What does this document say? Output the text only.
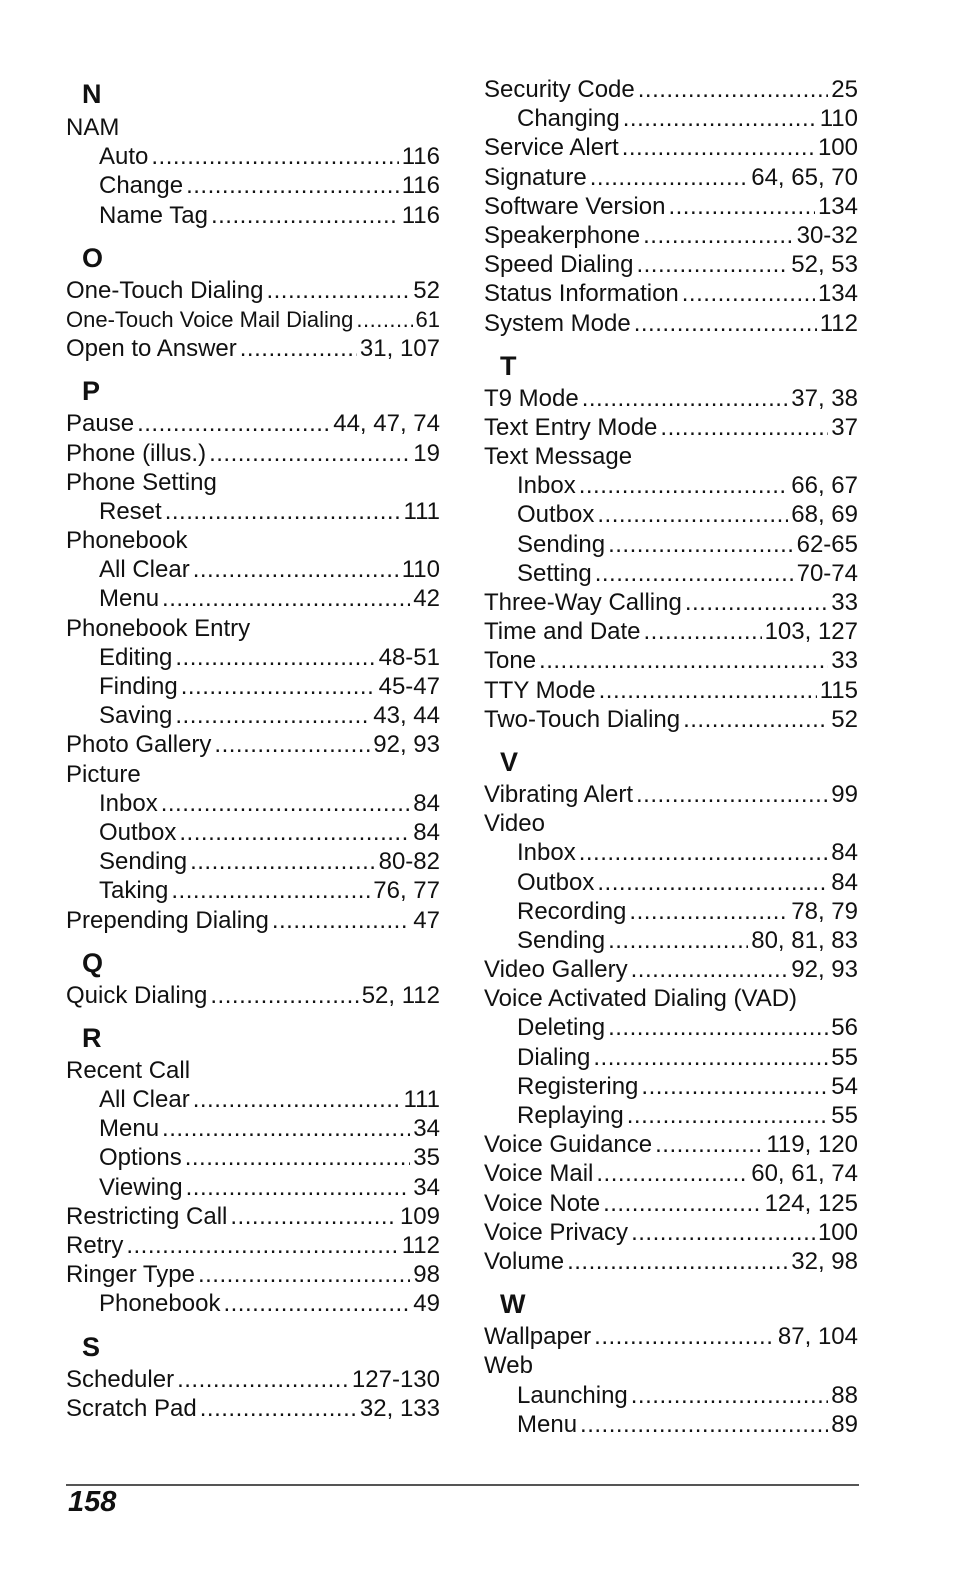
N
NAM
Auto .....	116
Change .....	116
Name Tag .....	116
O
One-Touch Dialing .....	52
One-Touch Voice Mail Dialing .....	61
Open to Answer .....	31, 107
P
Pause .....	44, 47, 74
Phone (illus.) .....	19
Phone Setting
Reset .....	111
Phonebook
All Clear .....	110
Menu .....	42
Phonebook Entry
Editing .....	48-51
Finding .....	45-47
Saving .....	43, 44
Photo Gallery .....	92, 93
Picture
Inbox .....	84
Outbox .....	84
Sending .....	80-82
Taking .....	76, 77
Prepending Dialing .....	47
Q
Quick Dialing .....	52, 112
R
Recent Call
All Clear .....	111
Menu .....	34
Options .....	35
Viewing .....	34
Restricting Call .....	109
Retry .....	112
Ringer Type .....	98
Phonebook .....	49
S
Scheduler .....	127-130
Scratch Pad .....	32, 133
Security Code .....	25
Changing .....	110
Service Alert .....	100
Signature .....	64, 65, 70
Software Version .....	134
Speakerphone .....	30-32
Speed Dialing .....	52, 53
Status Information .....	134
System Mode .....	112
T
T9 Mode .....	37, 38
Text Entry Mode .....	37
Text Message
Inbox .....	66, 67
Outbox .....	68, 69
Sending .....	62-65
Setting .....	70-74
Three-Way Calling .....	33
Time and Date .....	103, 127
Tone .....	33
TTY Mode .....	115
Two-Touch Dialing .....	52
V
Vibrating Alert .....	99
Video
Inbox .....	84
Outbox .....	84
Recording .....	78, 79
Sending .....	80, 81, 83
Video Gallery .....	92, 93
Voice Activated Dialing (VAD)
Deleting .....	56
Dialing .....	55
Registering .....	54
Replaying .....	55
Voice Guidance .....	119, 120
Voice Mail .....	60, 61, 74
Voice Note .....	124, 125
Voice Privacy .....	100
Volume .....	32, 98
W
Wallpaper .....	87, 104
Web
Launching .....	88
Menu .....	89
158
